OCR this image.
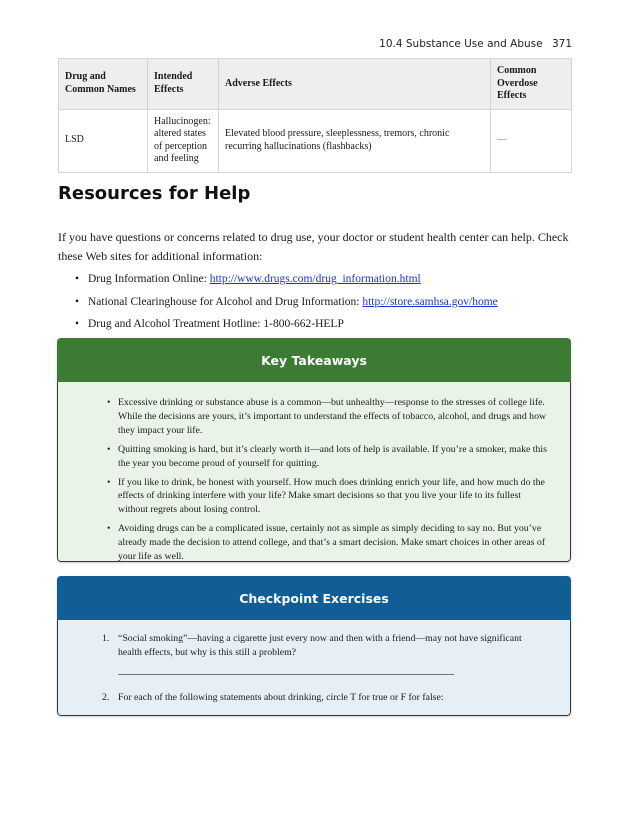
10.4 Substance Use and Abuse 371
Drug and Common Names	Intended Effects	Adverse Effects	Common Overdose Effects
LSD	Hallucinogen: altered states of perception and feeling	Elevated blood pressure, sleeplessness, tremors, chronic recurring hallucinations (flashbacks)	—
Resources for Help

If you have questions or concerns related to drug use, your doctor or student health center can help. Check these Web sites for additional information:

• Drug Information Online: http://www.drugs.com/drug_information.html
• National Clearinghouse for Alcohol and Drug Information: http://store.samhsa.gov/home
• Drug and Alcohol Treatment Hotline: 1-800-662-HELP
Key Takeaways
• Excessive drinking or substance abuse is a common—but unhealthy—response to the stresses of college life. While the decisions are yours, it’s important to understand the effects of tobacco, alcohol, and drugs and how they impact your life.
• Quitting smoking is hard, but it’s clearly worth it—and lots of help is available. If you’re a smoker, make this the year you become proud of yourself for quitting.
• If you like to drink, be honest with yourself. How much does drinking enrich your life, and how much do the effects of drinking interfere with your life? Make smart decisions so that you live your life to its fullest without regrets about losing control.
• Avoiding drugs can be a complicated issue, certainly not as simple as simply deciding to say no. But you’ve already made the decision to attend college, and that’s a smart decision. Make smart choices in other areas of your life as well.
Checkpoint Exercises
1. “Social smoking”—having a cigarette just every now and then with a friend—may not have significant health effects, but why is this still a problem?
2. For each of the following statements about drinking, circle T for true or F for false:
